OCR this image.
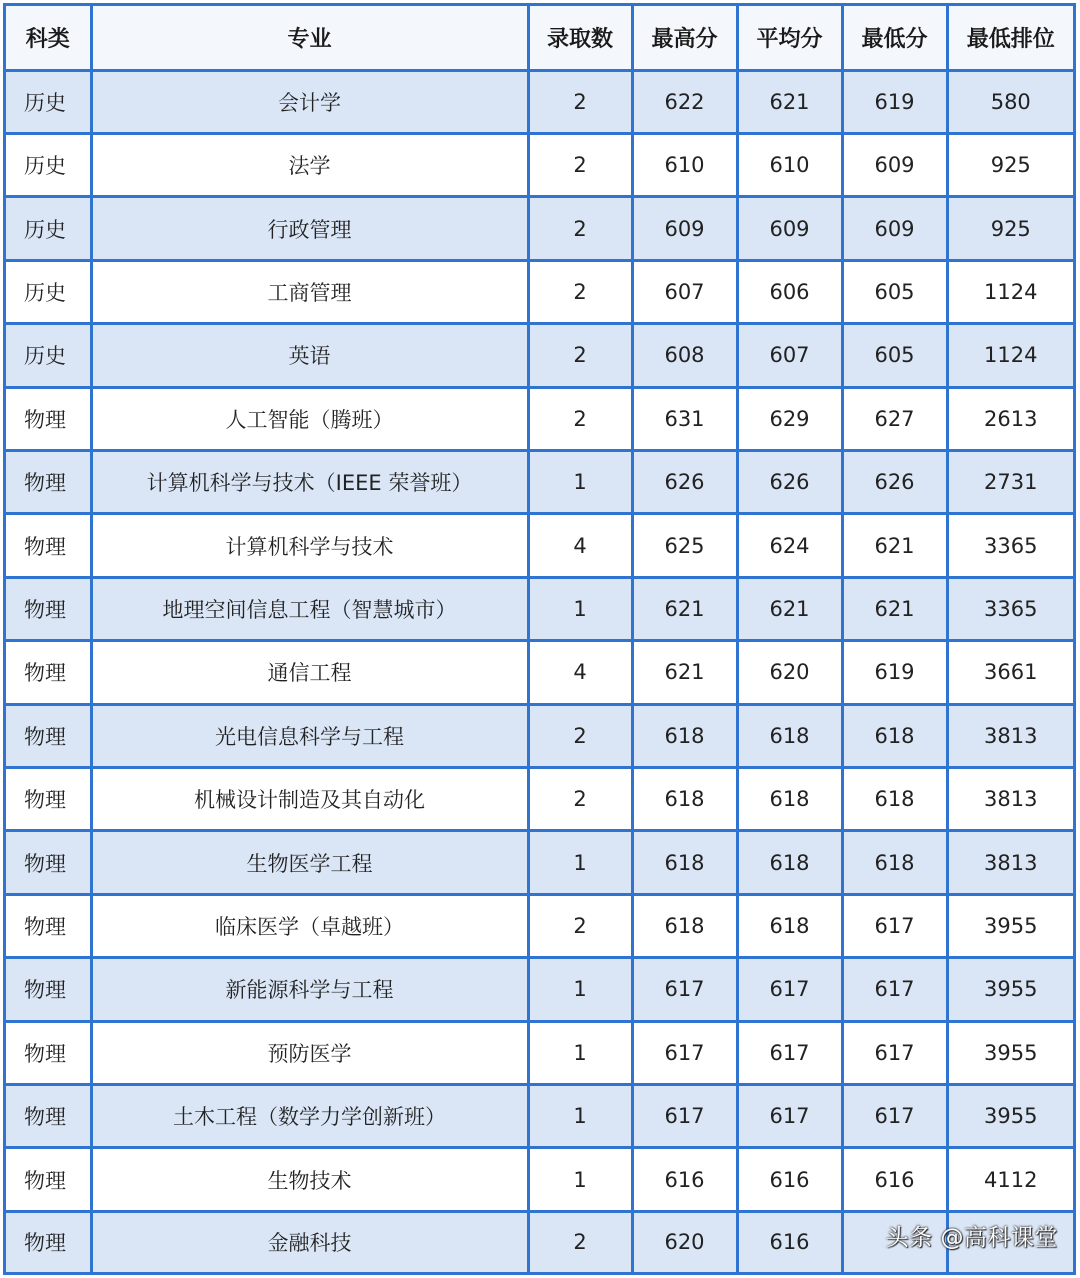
科类	专业	录取数	最高分	平均分	最低分	最低排位
历史	会计学	2	622	621	619	580
历史	法学	2	610	610	609	925
历史	行政管理	2	609	609	609	925
历史	工商管理	2	607	606	605	1124
历史	英语	2	608	607	605	1124
物理	人工智能（腾班）	2	631	629	627	2613
物理	计算机科学与技术（IEEE 荣誉班）	1	626	626	626	2731
物理	计算机科学与技术	4	625	624	621	3365
物理	地理空间信息工程（智慧城市）	1	621	621	621	3365
物理	通信工程	4	621	620	619	3661
物理	光电信息科学与工程	2	618	618	618	3813
物理	机械设计制造及其自动化	2	618	618	618	3813
物理	生物医学工程	1	618	618	618	3813
物理	临床医学（卓越班）	2	618	618	617	3955
物理	新能源科学与工程	1	617	617	617	3955
物理	预防医学	1	617	617	617	3955
物理	土木工程（数学力学创新班）	1	617	617	617	3955
物理	生物技术	1	616	616	616	4112
物理	金融科技	2	620	616			头条 @高科课堂
